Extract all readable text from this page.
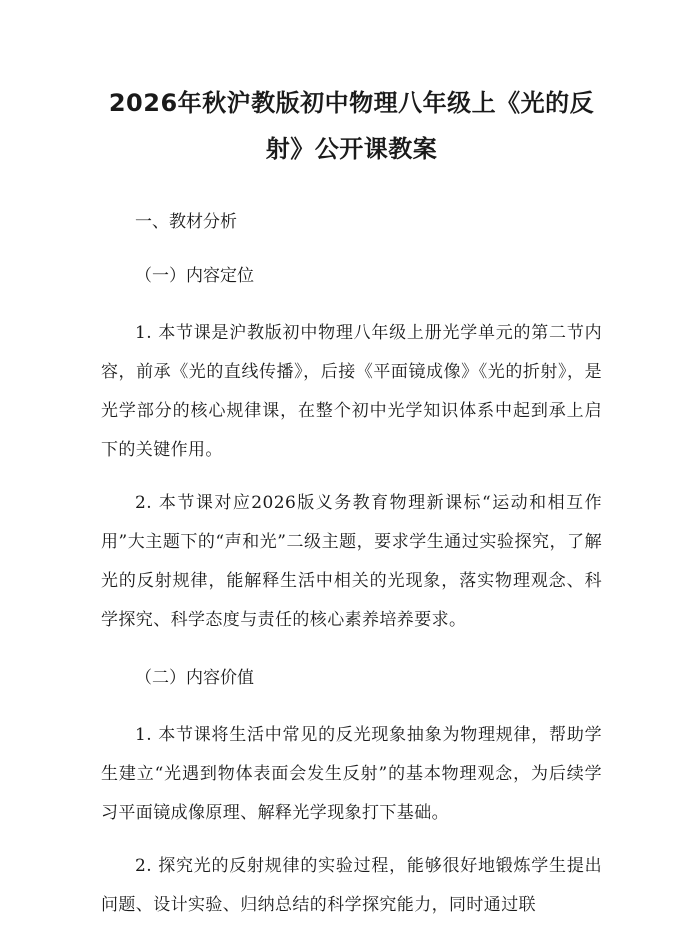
2026年秋沪教版初中物理八年级上《光的反
射》公开课教案

一、教材分析

（一）内容定位

1. 本节课是沪教版初中物理八年级上册光学单元的第二节内容，前承《光的直线传播》，后接《平面镜成像》《光的折射》，是光学部分的核心规律课，在整个初中光学知识体系中起到承上启下的关键作用。

2. 本节课对应2026版义务教育物理新课标“运动和相互作用”大主题下的“声和光”二级主题，要求学生通过实验探究，了解光的反射规律，能解释生活中相关的光现象，落实物理观念、科学探究、科学态度与责任的核心素养培养要求。

（二）内容价值

1. 本节课将生活中常见的反光现象抽象为物理规律，帮助学生建立“光遇到物体表面会发生反射”的基本物理观念，为后续学习平面镜成像原理、解释光学现象打下基础。

2. 探究光的反射规律的实验过程，能够很好地锻炼学生提出问题、设计实验、归纳总结的科学探究能力，同时通过联
